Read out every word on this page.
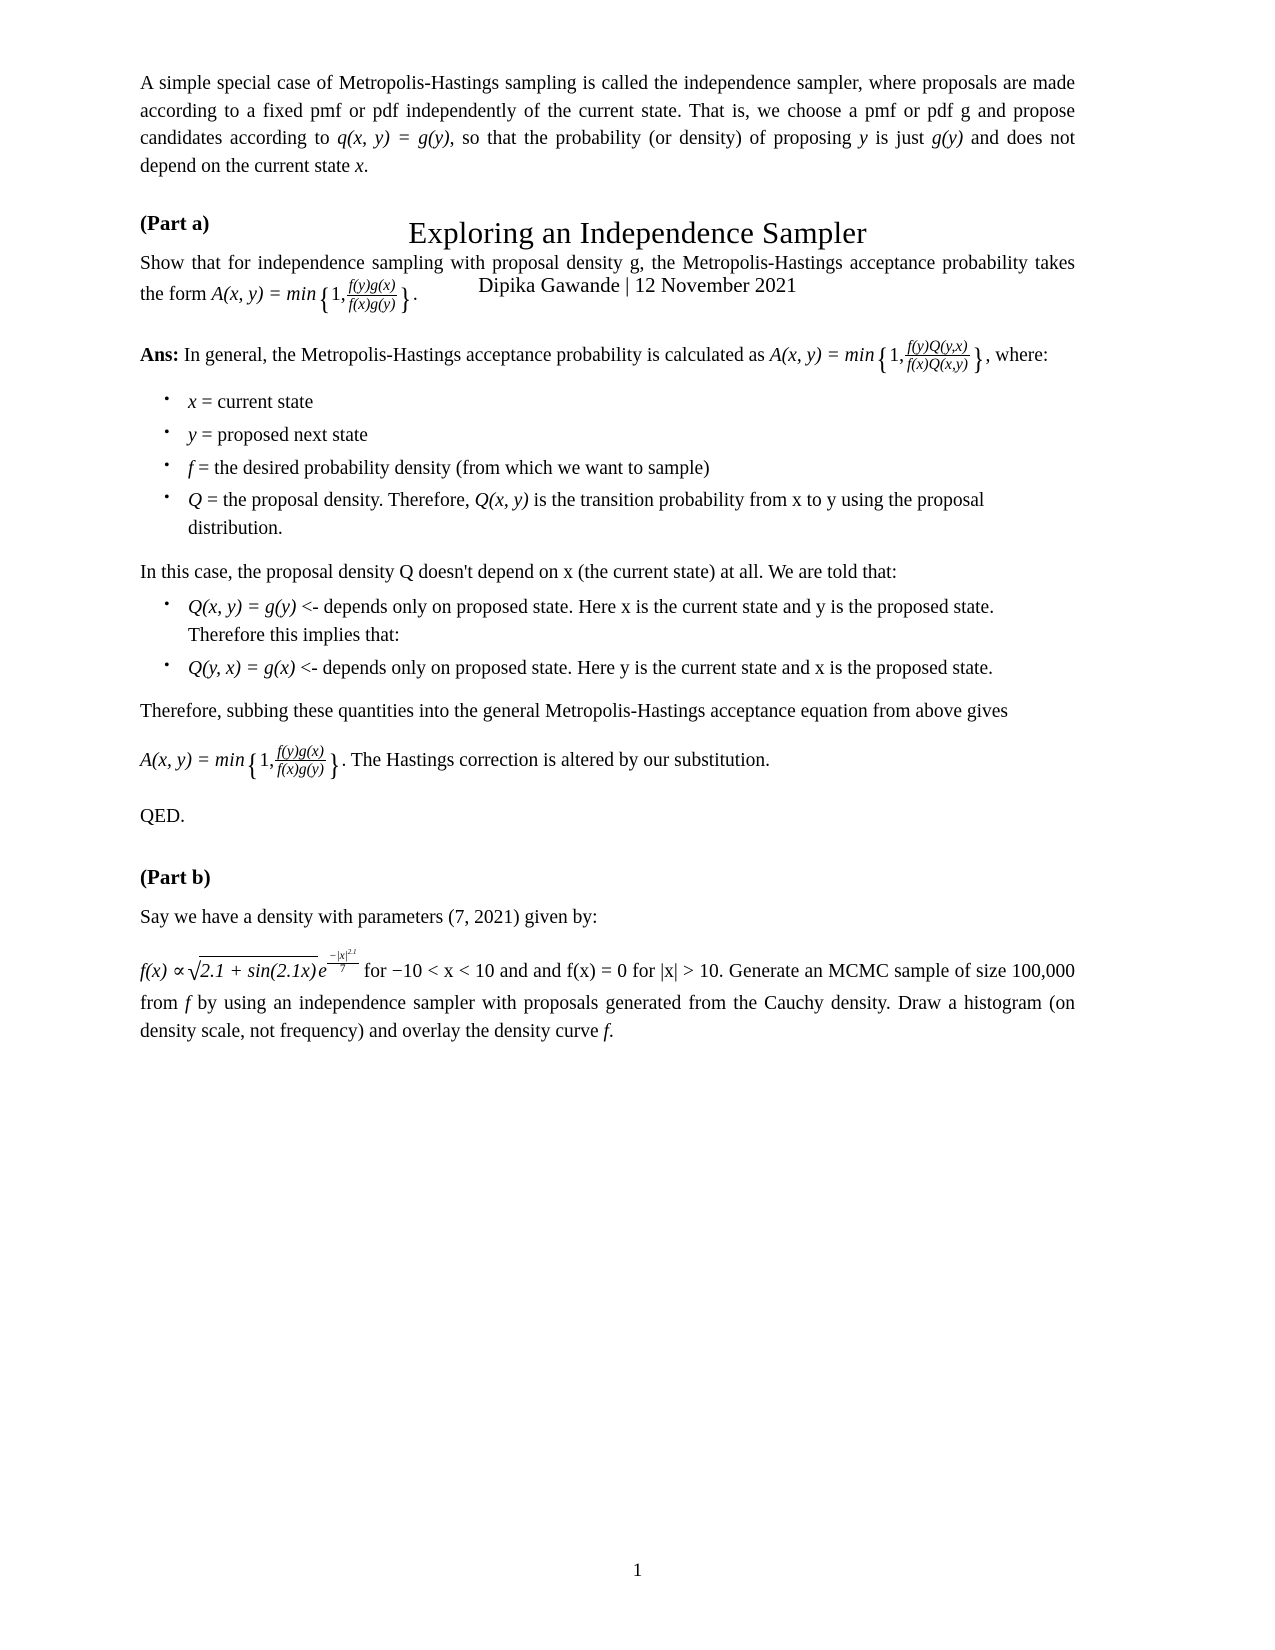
Exploring an Independence Sampler
Dipika Gawande | 12 November 2021

A simple special case of Metropolis-Hastings sampling is called the independence sampler, where proposals are made according to a fixed pmf or pdf independently of the current state. That is, we choose a pmf or pdf g and propose candidates according to q(x, y) = g(y), so that the probability (or density) of proposing y is just g(y) and does not depend on the current state x.

(Part a)

Show that for independence sampling with proposal density g, the Metropolis-Hastings acceptance probability takes the form A(x, y) = min{1, $\frac{f(y)g(x)}{f(x)g(y)}$ }.

Ans: In general, the Metropolis-Hastings acceptance probability is calculated as A(x, y) = min{1, $\frac{f(y)Q(y,x)}{f(x)Q(x,y)}$ }, where:

• x = current state
• y = proposed next state
• f = the desired probability density (from which we want to sample)
• Q = the proposal density. Therefore, Q(x, y) is the transition probability from x to y using the proposal distribution.

In this case, the proposal density Q doesn't depend on x (the current state) at all. We are told that:

• Q(x, y) = g(y) <- depends only on proposed state. Here x is the current state and y is the proposed state. Therefore this implies that:
• Q(y, x) = g(x) <- depends only on proposed state. Here y is the current state and x is the proposed state.

Therefore, subbing these quantities into the general Metropolis-Hastings acceptance equation from above gives

A(x, y) = min{1, $\frac{f(y)g(x)}{f(x)g(y)}$ }. The Hastings correction is altered by our substitution.

QED.

(Part b)

Say we have a density with parameters (7, 2021) given by:

f(x) ∝√2.1 + sin(2.1x) e $\frac{-|x|^{2.1}}{7}$ for −10 < x < 10 and and f(x) = 0 for |x| > 10. Generate an MCMC sample of size 100,000 from f by using an independence sampler with proposals generated from the Cauchy density. Draw a histogram (on density scale, not frequency) and overlay the density curve f.

1
